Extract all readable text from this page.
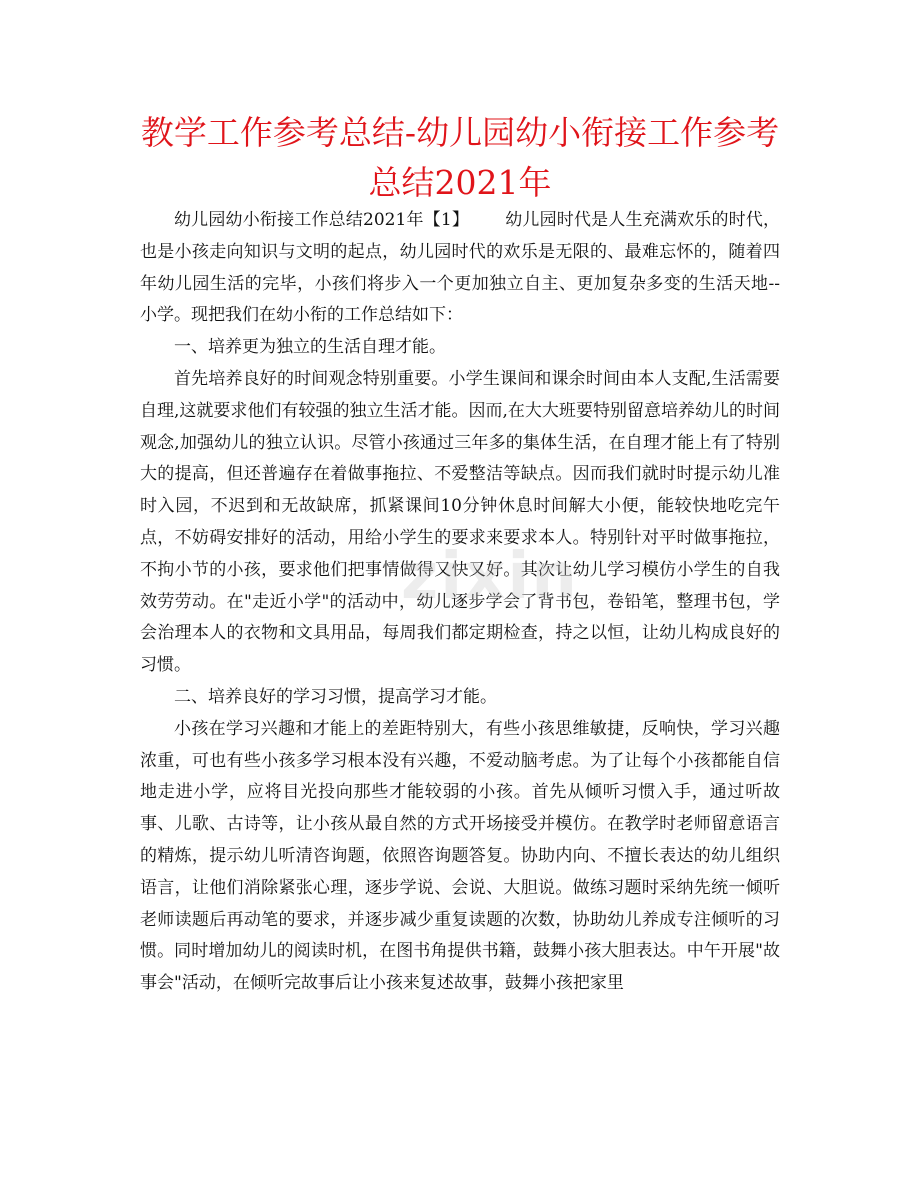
教学工作参考总结-幼儿园幼小衔接工作参考总结2021年

幼儿园幼小衔接工作总结2021年【1】 幼儿园时代是人生充满欢乐的时代，也是小孩走向知识与文明的起点，幼儿园时代的欢乐是无限的、最难忘怀的，随着四年幼儿园生活的完毕，小孩们将步入一个更加独立自主、更加复杂多变的生活天地--小学。现把我们在幼小衔的工作总结如下：

一、培养更为独立的生活自理才能。

首先培养良好的时间观念特别重要。小学生课间和课余时间由本人支配,生活需要自理,这就要求他们有较强的独立生活才能。因而,在大大班要特别留意培养幼儿的时间观念,加强幼儿的独立认识。尽管小孩通过三年多的集体生活，在自理才能上有了特别大的提高，但还普遍存在着做事拖拉、不爱整洁等缺点。因而我们就时时提示幼儿准时入园，不迟到和无故缺席，抓紧课间10分钟休息时间解大小便，能较快地吃完午点，不妨碍安排好的活动，用给小学生的要求来要求本人。特别针对平时做事拖拉，不拘小节的小孩，要求他们把事情做得又快又好。其次让幼儿学习模仿小学生的自我效劳劳动。在"走近小学"的活动中，幼儿逐步学会了背书包，卷铅笔，整理书包，学会治理本人的衣物和文具用品，每周我们都定期检查，持之以恒，让幼儿构成良好的习惯。

二、培养良好的学习习惯，提高学习才能。

小孩在学习兴趣和才能上的差距特别大，有些小孩思维敏捷，反响快，学习兴趣浓重，可也有些小孩多学习根本没有兴趣，不爱动脑考虑。为了让每个小孩都能自信地走进小学，应将目光投向那些才能较弱的小孩。首先从倾听习惯入手，通过听故事、儿歌、古诗等，让小孩从最自然的方式开场接受并模仿。在教学时老师留意语言的精炼，提示幼儿听清咨询题，依照咨询题答复。协助内向、不擅长表达的幼儿组织语言，让他们消除紧张心理，逐步学说、会说、大胆说。做练习题时采纳先统一倾听老师读题后再动笔的要求，并逐步减少重复读题的次数，协助幼儿养成专注倾听的习惯。同时增加幼儿的阅读时机，在图书角提供书籍，鼓舞小孩大胆表达。中午开展"故事会"活动，在倾听完故事后让小孩来复述故事，鼓舞小孩把家里

zixin
